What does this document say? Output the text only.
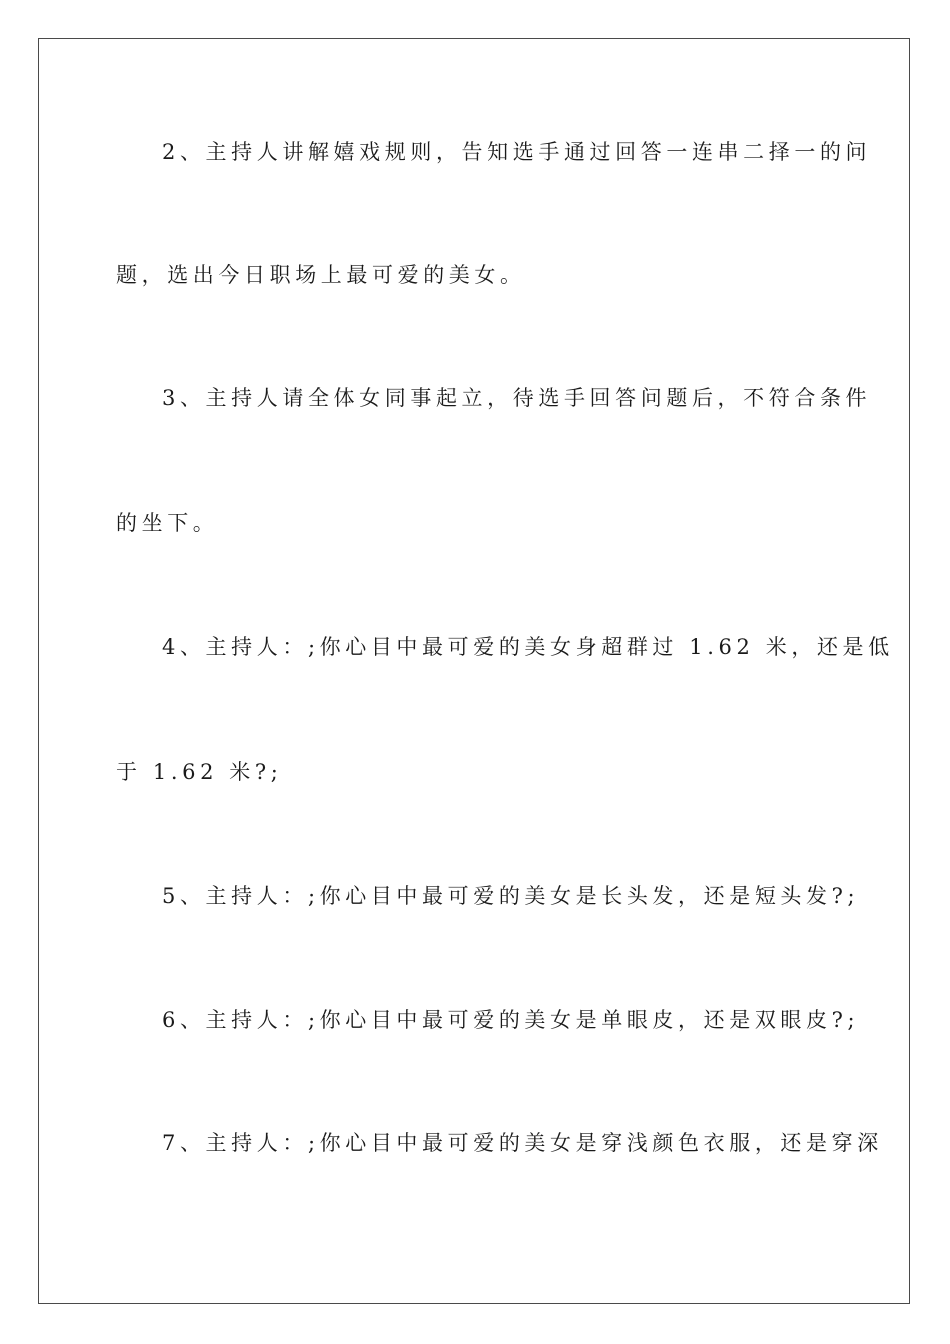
2、主持人讲解嬉戏规则，告知选手通过回答一连串二择一的问
题，选出今日职场上最可爱的美女。
3、主持人请全体女同事起立，待选手回答问题后，不符合条件
的坐下。
4、主持人：;你心目中最可爱的美女身超群过 1.62 米，还是低
于 1.62 米?;
5、主持人：;你心目中最可爱的美女是长头发，还是短头发?;
6、主持人：;你心目中最可爱的美女是单眼皮，还是双眼皮?;
7、主持人：;你心目中最可爱的美女是穿浅颜色衣服，还是穿深
